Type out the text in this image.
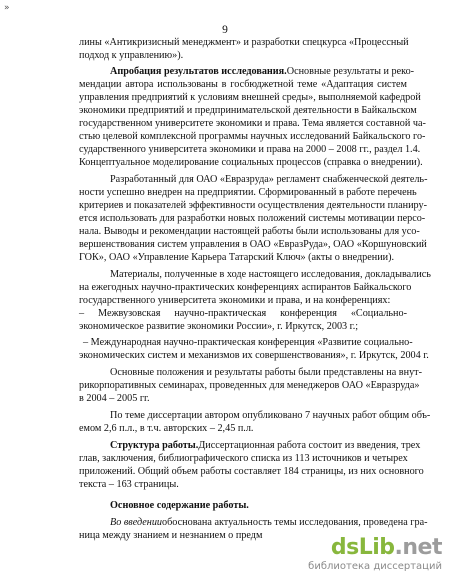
»
9
лины «Антикризисный менеджмент» и разработки спецкурса «Процессный
подход к управлению»).
Апробация результатов исследования. Основные результаты и реко-
мендации автора использованы в госбюджетной теме «Адаптация систем
управления предприятий к условиям внешней среды», выполняемой кафедрой
экономики предприятий и предпринимательской деятельности в Байкальском
государственном университете экономики и права. Тема является составной ча-
стью целевой комплексной программы научных исследований Байкальского го-
сударственного университета экономики и права на 2000 – 2008 гг., раздел 1.4.
Концептуальное моделирование социальных процессов (справка о внедрении).
Разработанный для ОАО «Евразруда» регламент снабженческой деятель-
ности успешно внедрен на предприятии. Сформированный в работе перечень
критериев и показателей эффективности осуществления деятельности планиру-
ется использовать для разработки новых положений системы мотивации персо-
нала. Выводы и рекомендации настоящей работы были использованы для усо-
вершенствования систем управления в ОАО «ЕвразРуда», ОАО «Коршуновский
ГОК», ОАО «Управление Карьера Татарский Ключ» (акты о внедрении).
Материалы, полученные в ходе настоящего исследования, докладывались
на ежегодных научно-практических конференциях аспирантов Байкальского
государственного университета экономики и права, и на конференциях:
– Межвузовская научно-практическая конференция «Социально-
экономическое развитие экономики России», г. Иркутск, 2003 г.;
– Международная научно-практическая конференция «Развитие социально-
экономических систем и механизмов их совершенствования», г. Иркутск, 2004 г.
Основные положения и результаты работы были представлены на внут-
рикорпоративных семинарах, проведенных для менеджеров ОАО «Евразруда»
в 2004 – 2005 гг.
По теме диссертации автором опубликовано 7 научных работ общим объ-
емом 2,6 п.л., в т.ч. авторских – 2,45 п.л.
Структура работы. Диссертационная работа состоит из введения, трех
глав, заключения, библиографического списка из 113 источников и четырех
приложений. Общий объем работы составляет 184 страницы, из них основного
текста – 163 страницы.
Основное содержание работы.
Во введении обоснована актуальность темы исследования, проведена гра-
ница между знанием и незнанием о предм	dsLib.net
библиотека диссертаций
